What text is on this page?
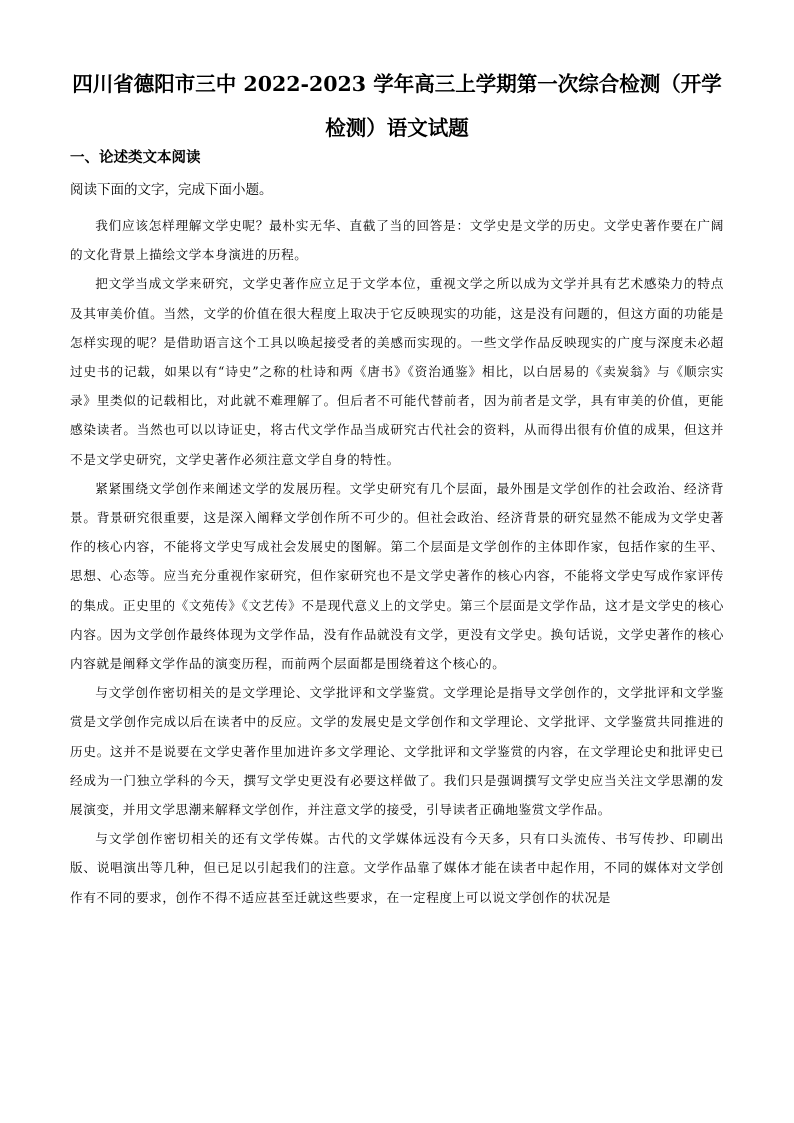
四川省德阳市三中 2022-2023 学年高三上学期第一次综合检测（开学
检测）语文试题
一、论述类文本阅读
阅读下面的文字，完成下面小题。

我们应该怎样理解文学史呢？最朴实无华、直截了当的回答是：文学史是文学的历史。文学史著作要在广阔的文化背景上描绘文学本身演进的历程。

把文学当成文学来研究，文学史著作应立足于文学本位，重视文学之所以成为文学并具有艺术感染力的特点及其审美价值。当然，文学的价值在很大程度上取决于它反映现实的功能，这是没有问题的，但这方面的功能是怎样实现的呢？是借助语言这个工具以唤起接受者的美感而实现的。一些文学作品反映现实的广度与深度未必超过史书的记载，如果以有“诗史”之称的杜诗和两《唐书》《资治通鉴》相比，以白居易的《卖炭翁》与《顺宗实录》里类似的记载相比，对此就不难理解了。但后者不可能代替前者，因为前者是文学，具有审美的价值，更能感染读者。当然也可以以诗证史，将古代文学作品当成研究古代社会的资料，从而得出很有价值的成果，但这并不是文学史研究，文学史著作必须注意文学自身的特性。

紧紧围绕文学创作来阐述文学的发展历程。文学史研究有几个层面，最外围是文学创作的社会政治、经济背景。背景研究很重要，这是深入阐释文学创作所不可少的。但社会政治、经济背景的研究显然不能成为文学史著作的核心内容，不能将文学史写成社会发展史的图解。第二个层面是文学创作的主体即作家，包括作家的生平、思想、心态等。应当充分重视作家研究，但作家研究也不是文学史著作的核心内容，不能将文学史写成作家评传的集成。正史里的《文苑传》《文艺传》不是现代意义上的文学史。第三个层面是文学作品，这才是文学史的核心内容。因为文学创作最终体现为文学作品，没有作品就没有文学，更没有文学史。换句话说，文学史著作的核心内容就是阐释文学作品的演变历程，而前两个层面都是围绕着这个核心的。

与文学创作密切相关的是文学理论、文学批评和文学鉴赏。文学理论是指导文学创作的，文学批评和文学鉴赏是文学创作完成以后在读者中的反应。文学的发展史是文学创作和文学理论、文学批评、文学鉴赏共同推进的历史。这并不是说要在文学史著作里加进许多文学理论、文学批评和文学鉴赏的内容，在文学理论史和批评史已经成为一门独立学科的今天，撰写文学史更没有必要这样做了。我们只是强调撰写文学史应当关注文学思潮的发展演变，并用文学思潮来解释文学创作，并注意文学的接受，引导读者正确地鉴赏文学作品。

与文学创作密切相关的还有文学传媒。古代的文学媒体远没有今天多，只有口头流传、书写传抄、印刷出版、说唱演出等几种，但已足以引起我们的注意。文学作品靠了媒体才能在读者中起作用，不同的媒体对文学创作有不同的要求，创作不得不适应甚至迁就这些要求，在一定程度上可以说文学创作的状况是
